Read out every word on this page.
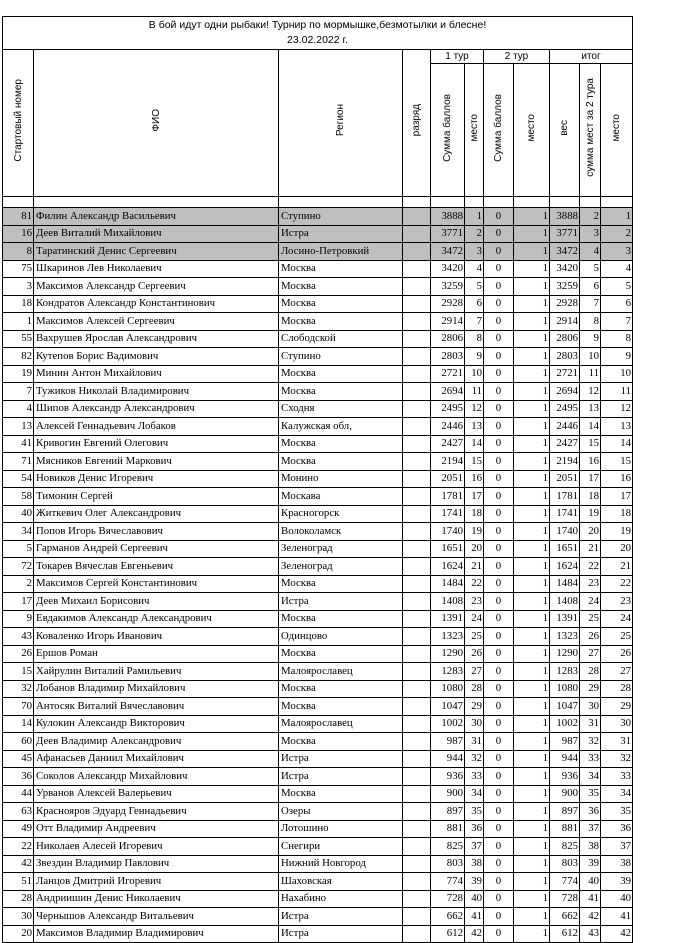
В бой идут одни рыбаки! Турнир по мормышке,безмотылки и блесне!
23.02.2022 г.										

Стартовый номер	ФИО	Регион	разряд	1 тур		2 тур		итог		
				Сумма баллов	место	Сумма баллов	место	вес	сумма мест за 2 тура	место

81	Филин Александр Васильевич	Ступино		3888	1	0	1	3888	2	1
16	Деев Виталий Михайлович	Истра		3771	2	0	1	3771	3	2
8	Таратинский Денис Сергеевич	Лосино-Петровкий		3472	3	0	1	3472	4	3
75	Шкаринов Лев Николаевич	Москва		3420	4	0	1	3420	5	4
3	Максимов Александр Сергеевич	Москва		3259	5	0	1	3259	6	5
18	Кондратов Александр Константинович	Москва		2928	6	0	1	2928	7	6
1	Максимов Алексей Сергеевич	Москва		2914	7	0	1	2914	8	7
55	Вахрушев Ярослав Александрович	Слободской		2806	8	0	1	2806	9	8
82	Кутепов Борис Вадимович	Ступино		2803	9	0	1	2803	10	9
19	Минин Антон Михайлович	Москва		2721	10	0	1	2721	11	10
7	Тужиков Николай Владимирович	Москва		2694	11	0	1	2694	12	11
4	Шипов Александр Александрович	Сходня		2495	12	0	1	2495	13	12
13	Алексей Геннадьевич Лобаков	Калужская обл,		2446	13	0	1	2446	14	13
41	Кривогин Евгений Олегович	Москва		2427	14	0	1	2427	15	14
71	Мясников Евгений Маркович	Москва		2194	15	0	1	2194	16	15
54	Новиков Денис Игоревич	Монино		2051	16	0	1	2051	17	16
58	Тимонин Сергей	Москава		1781	17	0	1	1781	18	17
40	Житкевич Олег Александрович	Красногорск		1741	18	0	1	1741	19	18
34	Попов Игорь Вячеславович	Волоколамск		1740	19	0	1	1740	20	19
5	Гарманов Андрей Сергеевич	Зеленоград		1651	20	0	1	1651	21	20
72	Токарев Вячеслав Евгеньевич	Зеленоград		1624	21	0	1	1624	22	21
2	Максимов Сергей Константинович	Москва		1484	22	0	1	1484	23	22
17	Деев Михаил Борисович	Истра		1408	23	0	1	1408	24	23
9	Евдакимов Александр Александрович	Москва		1391	24	0	1	1391	25	24
43	Коваленко Игорь Иванович	Одинцово		1323	25	0	1	1323	26	25
26	Ершов Роман	Москва		1290	26	0	1	1290	27	26
15	Хайрулин Виталий Рамильевич	Малоярославец		1283	27	0	1	1283	28	27
32	Лобанов Владимир Михайлович	Москва		1080	28	0	1	1080	29	28
70	Антосяк Виталий Вячеславович	Москва		1047	29	0	1	1047	30	29
14	Кулокин Александр Викторович	Малоярославец		1002	30	0	1	1002	31	30
60	Деев Владимир Александрович	Москва		987	31	0	1	987	32	31
45	Афанасьев Даниил Михайлович	Истра		944	32	0	1	944	33	32
36	Соколов Александр Михайлович	Истра		936	33	0	1	936	34	33
44	Урванов Алексей Валерьевич	Москва		900	34	0	1	900	35	34
63	Краснояров Эдуард Геннадьевич	Озеры		897	35	0	1	897	36	35
49	Отт Владимир Андреевич	Лотошино		881	36	0	1	881	37	36
22	Николаев Алесей Игоревич	Снегири		825	37	0	1	825	38	37
42	Звездин Владимир Павлович	Нижний Новгород		803	38	0	1	803	39	38
51	Ланцов Дмитрий Игоревич	Шаховская		774	39	0	1	774	40	39
28	Андриишин Денис Николаевич	Нахабино		728	40	0	1	728	41	40
30	Чернышов Александр Витальевич	Истра		662	41	0	1	662	42	41
20	Максимов Владимир Владимирович	Истра		612	42	0	1	612	43	42
